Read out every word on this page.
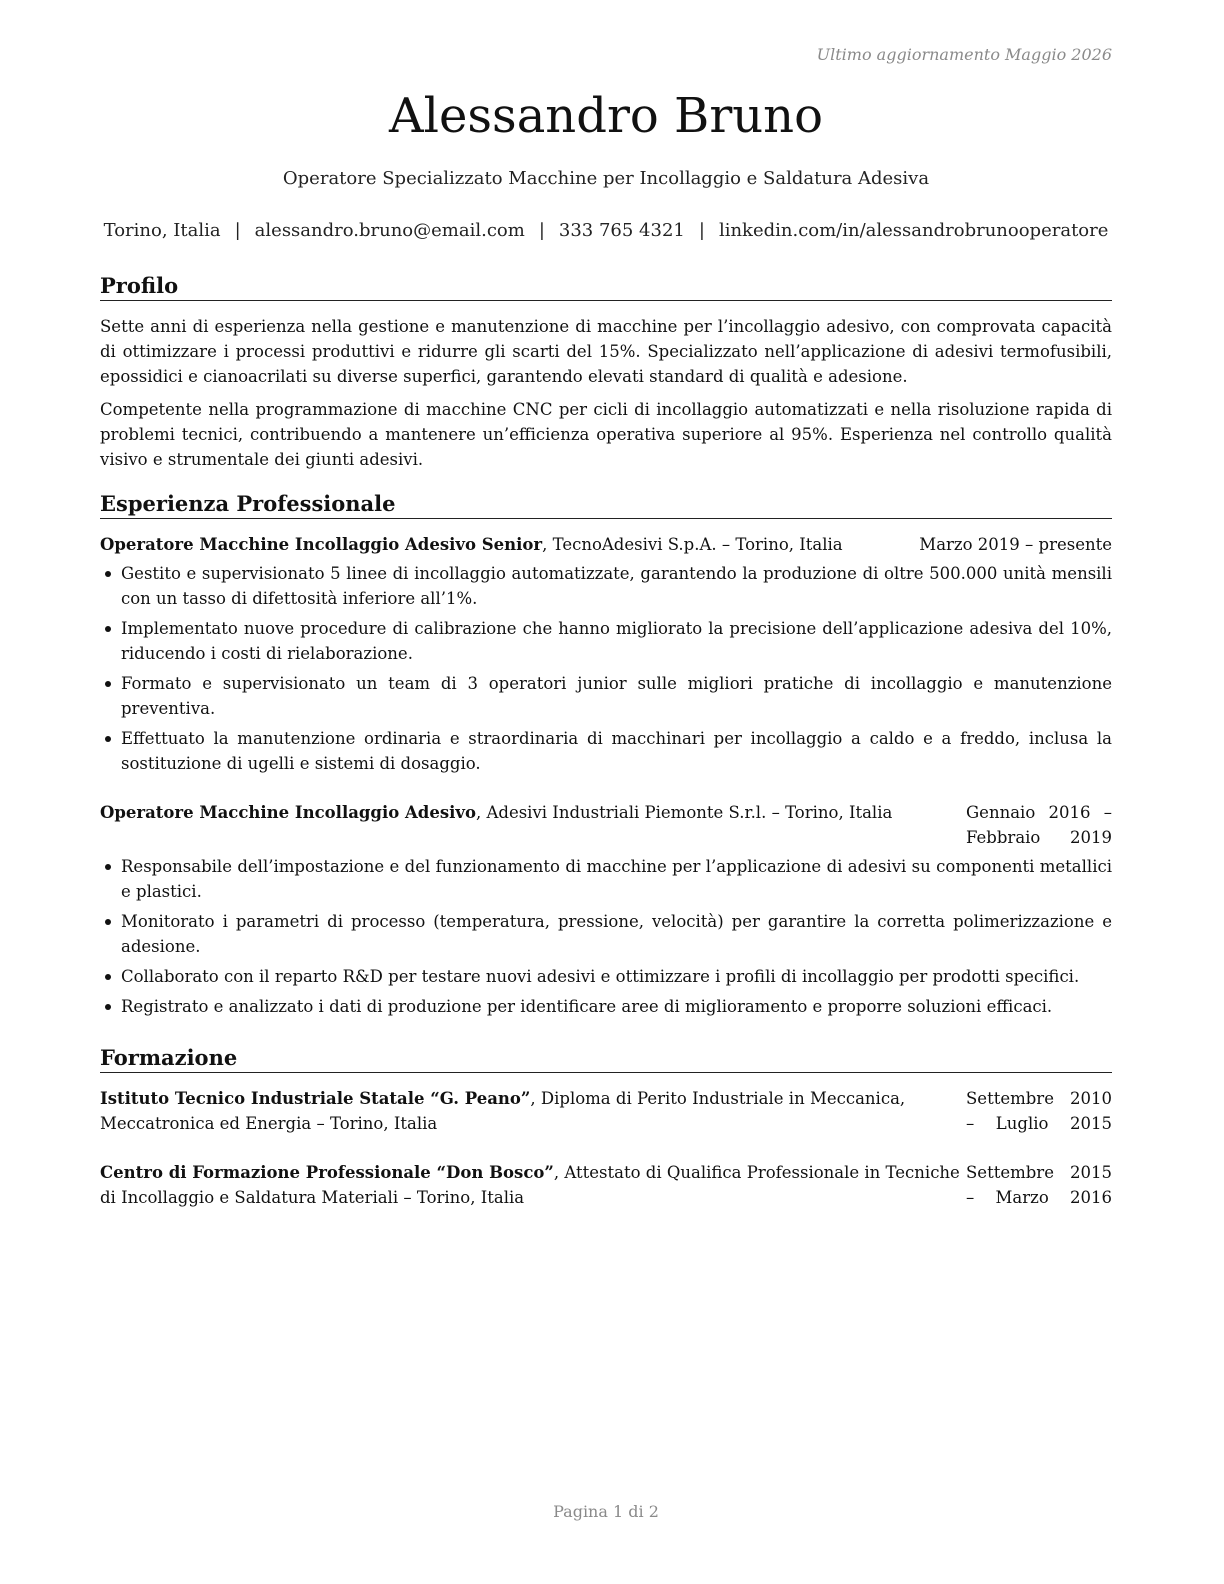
Ultimo aggiornamento Maggio 2026
Alessandro Bruno
Operatore Specializzato Macchine per Incollaggio e Saldatura Adesiva
Torino, Italia | alessandro.bruno@email.com | 333 765 4321 | linkedin.com/in/alessandrobrunooperatore
Profilo

Sette anni di esperienza nella gestione e manutenzione di macchine per l’incollaggio adesivo, con comprovata capacità di ottimizzare i processi produttivi e ridurre gli scarti del 15%. Specializzato nell’applicazione di adesivi termofusibili, epossidici e cianoacrilati su diverse superfici, garantendo elevati standard di qualità e adesione.

Competente nella programmazione di macchine CNC per cicli di incollaggio automatizzati e nella risoluzione rapida di problemi tecnici, contribuendo a mantenere un’efficienza operativa superiore al 95%. Esperienza nel controllo qualità visivo e strumentale dei giunti adesivi.

Esperienza Professionale
Operatore Macchine Incollaggio Adesivo Senior, TecnoAdesivi S.p.A. – Torino, Italia	Marzo 2019 – presente
Gestito e supervisionato 5 linee di incollaggio automatizzate, garantendo la produzione di oltre 500.000 unità mensili con un tasso di difettosità inferiore all’1%.
Implementato nuove procedure di calibrazione che hanno migliorato la precisione dell’applicazione adesiva del 10%, riducendo i costi di rielaborazione.
Formato e supervisionato un team di 3 operatori junior sulle migliori pratiche di incollaggio e manutenzione preventiva.
Effettuato la manutenzione ordinaria e straordinaria di macchinari per incollaggio a caldo e a freddo, inclusa la sostituzione di ugelli e sistemi di dosaggio.
Operatore Macchine Incollaggio Adesivo, Adesivi Industriali Piemonte S.r.l. – Torino, Italia	Gennaio 2016 – Febbraio 2019
Responsabile dell’impostazione e del funzionamento di macchine per l’applicazione di adesivi su componenti metallici e plastici.
Monitorato i parametri di processo (temperatura, pressione, velocità) per garantire la corretta polimerizzazione e adesione.
Collaborato con il reparto R&D per testare nuovi adesivi e ottimizzare i profili di incollaggio per prodotti specifici.
Registrato e analizzato i dati di produzione per identificare aree di miglioramento e proporre soluzioni efficaci.
Formazione
Istituto Tecnico Industriale Statale “G. Peano”, Diploma di Perito Industriale in Meccanica, Meccatronica ed Energia – Torino, Italia
Settembre 2010 – Luglio 2015
Centro di Formazione Professionale “Don Bosco”, Attestato di Qualifica Professionale in Tecniche di Incollaggio e Saldatura Materiali – Torino, Italia
Settembre 2015 – Marzo 2016
Pagina 1 di 2
